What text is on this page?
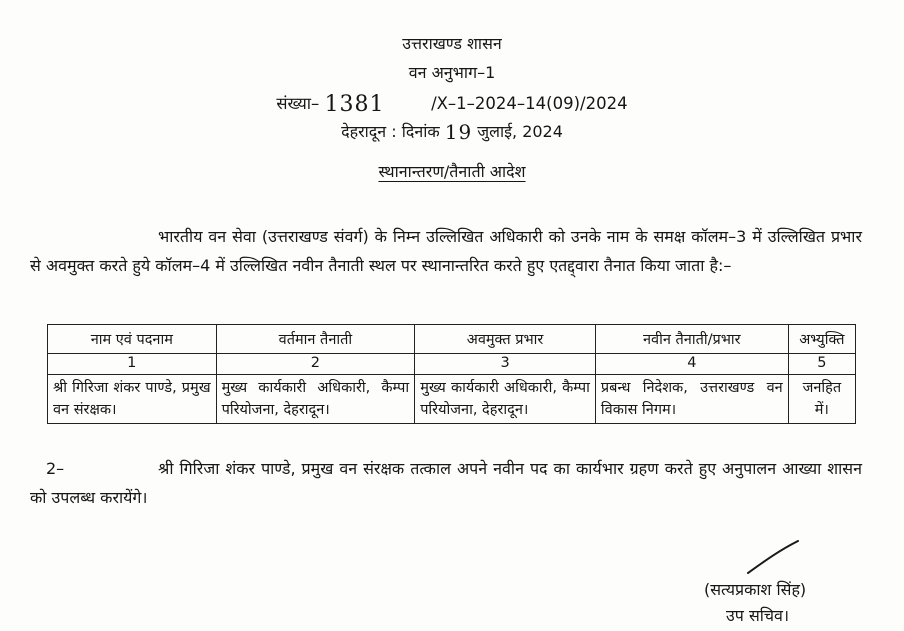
उत्तराखण्ड शासन
वन अनुभाग–1
संख्या– 1381	/X–1–2024–14(09)/2024
देहरादून : दिनांक 19 जुलाई, 2024
स्थानान्तरण/तैनाती आदेश
भारतीय वन सेवा (उत्तराखण्ड संवर्ग) के निम्न उल्लिखित अधिकारी को उनके नाम के समक्ष कॉलम–3 में उल्लिखित प्रभार से अवमुक्त करते हुये कॉलम–4 में उल्लिखित नवीन तैनाती स्थल पर स्थानान्तरित करते हुए एतद्द्वारा तैनात किया जाता है:–
नाम एवं पदनाम	वर्तमान तैनाती	अवमुक्त प्रभार	नवीन तैनाती/प्रभार	अभ्युक्ति
1	2	3	4	5
श्री गिरिजा शंकर पाण्डे, प्रमुख वन संरक्षक।	मुख्य कार्यकारी अधिकारी, कैम्पा परियोजना, देहरादून।	मुख्य कार्यकारी अधिकारी, कैम्पा परियोजना, देहरादून।	प्रबन्ध निदेशक, उत्तराखण्ड वन विकास निगम।	जनहित में।
2–	श्री गिरिजा शंकर पाण्डे, प्रमुख वन संरक्षक तत्काल अपने नवीन पद का कार्यभार ग्रहण करते हुए अनुपालन आख्या शासन को उपलब्ध करायेंगे।
(सत्यप्रकाश सिंह)
उप सचिव।
